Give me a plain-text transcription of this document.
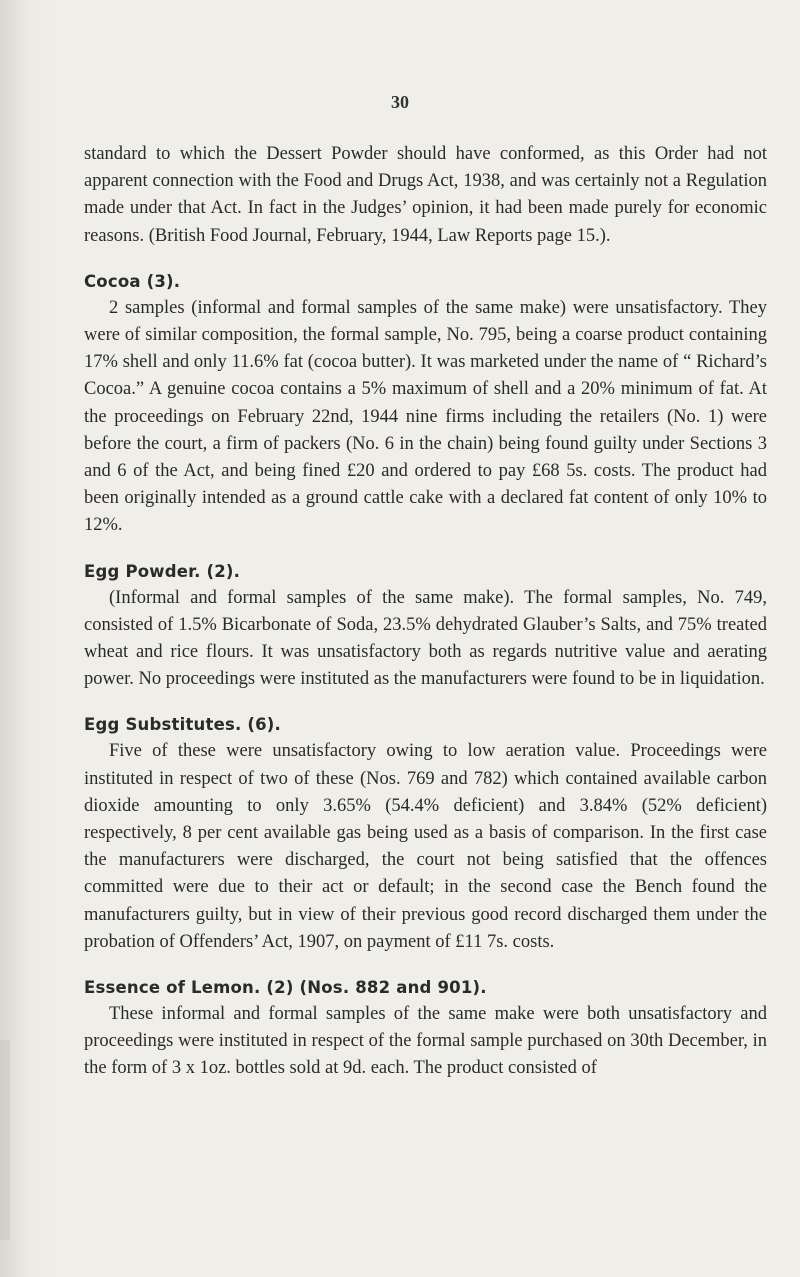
30

standard to which the Dessert Powder should have conformed, as this Order had not apparent connection with the Food and Drugs Act, 1938, and was certainly not a Regulation made under that Act. In fact in the Judges’ opinion, it had been made purely for economic reasons. (British Food Journal, February, 1944, Law Reports page 15.).

Cocoa (3).

2 samples (informal and formal samples of the same make) were unsatisfactory. They were of similar composition, the formal sample, No. 795, being a coarse product containing 17% shell and only 11.6% fat (cocoa butter). It was marketed under the name of “ Richard’s Cocoa.” A genuine cocoa contains a 5% maximum of shell and a 20% minimum of fat. At the proceedings on February 22nd, 1944 nine firms including the retailers (No. 1) were before the court, a firm of packers (No. 6 in the chain) being found guilty under Sections 3 and 6 of the Act, and being fined £20 and ordered to pay £68 5s. costs. The product had been originally intended as a ground cattle cake with a declared fat content of only 10% to 12%.

Egg Powder. (2).

(Informal and formal samples of the same make). The formal samples, No. 749, consisted of 1.5% Bicarbonate of Soda, 23.5% dehydrated Glauber’s Salts, and 75% treated wheat and rice flours. It was unsatisfactory both as regards nutritive value and aerating power. No proceedings were instituted as the manufacturers were found to be in liquidation.

Egg Substitutes. (6).

Five of these were unsatisfactory owing to low aeration value. Proceedings were instituted in respect of two of these (Nos. 769 and 782) which contained available carbon dioxide amounting to only 3.65% (54.4% deficient) and 3.84% (52% deficient) respectively, 8 per cent available gas being used as a basis of comparison. In the first case the manufacturers were discharged, the court not being satisfied that the offences committed were due to their act or default; in the second case the Bench found the manufacturers guilty, but in view of their previous good record discharged them under the probation of Offenders’ Act, 1907, on payment of £11 7s. costs.

Essence of Lemon. (2) (Nos. 882 and 901).

These informal and formal samples of the same make were both unsatisfactory and proceedings were instituted in respect of the formal sample purchased on 30th December, in the form of 3 x 1oz. bottles sold at 9d. each. The product consisted of
